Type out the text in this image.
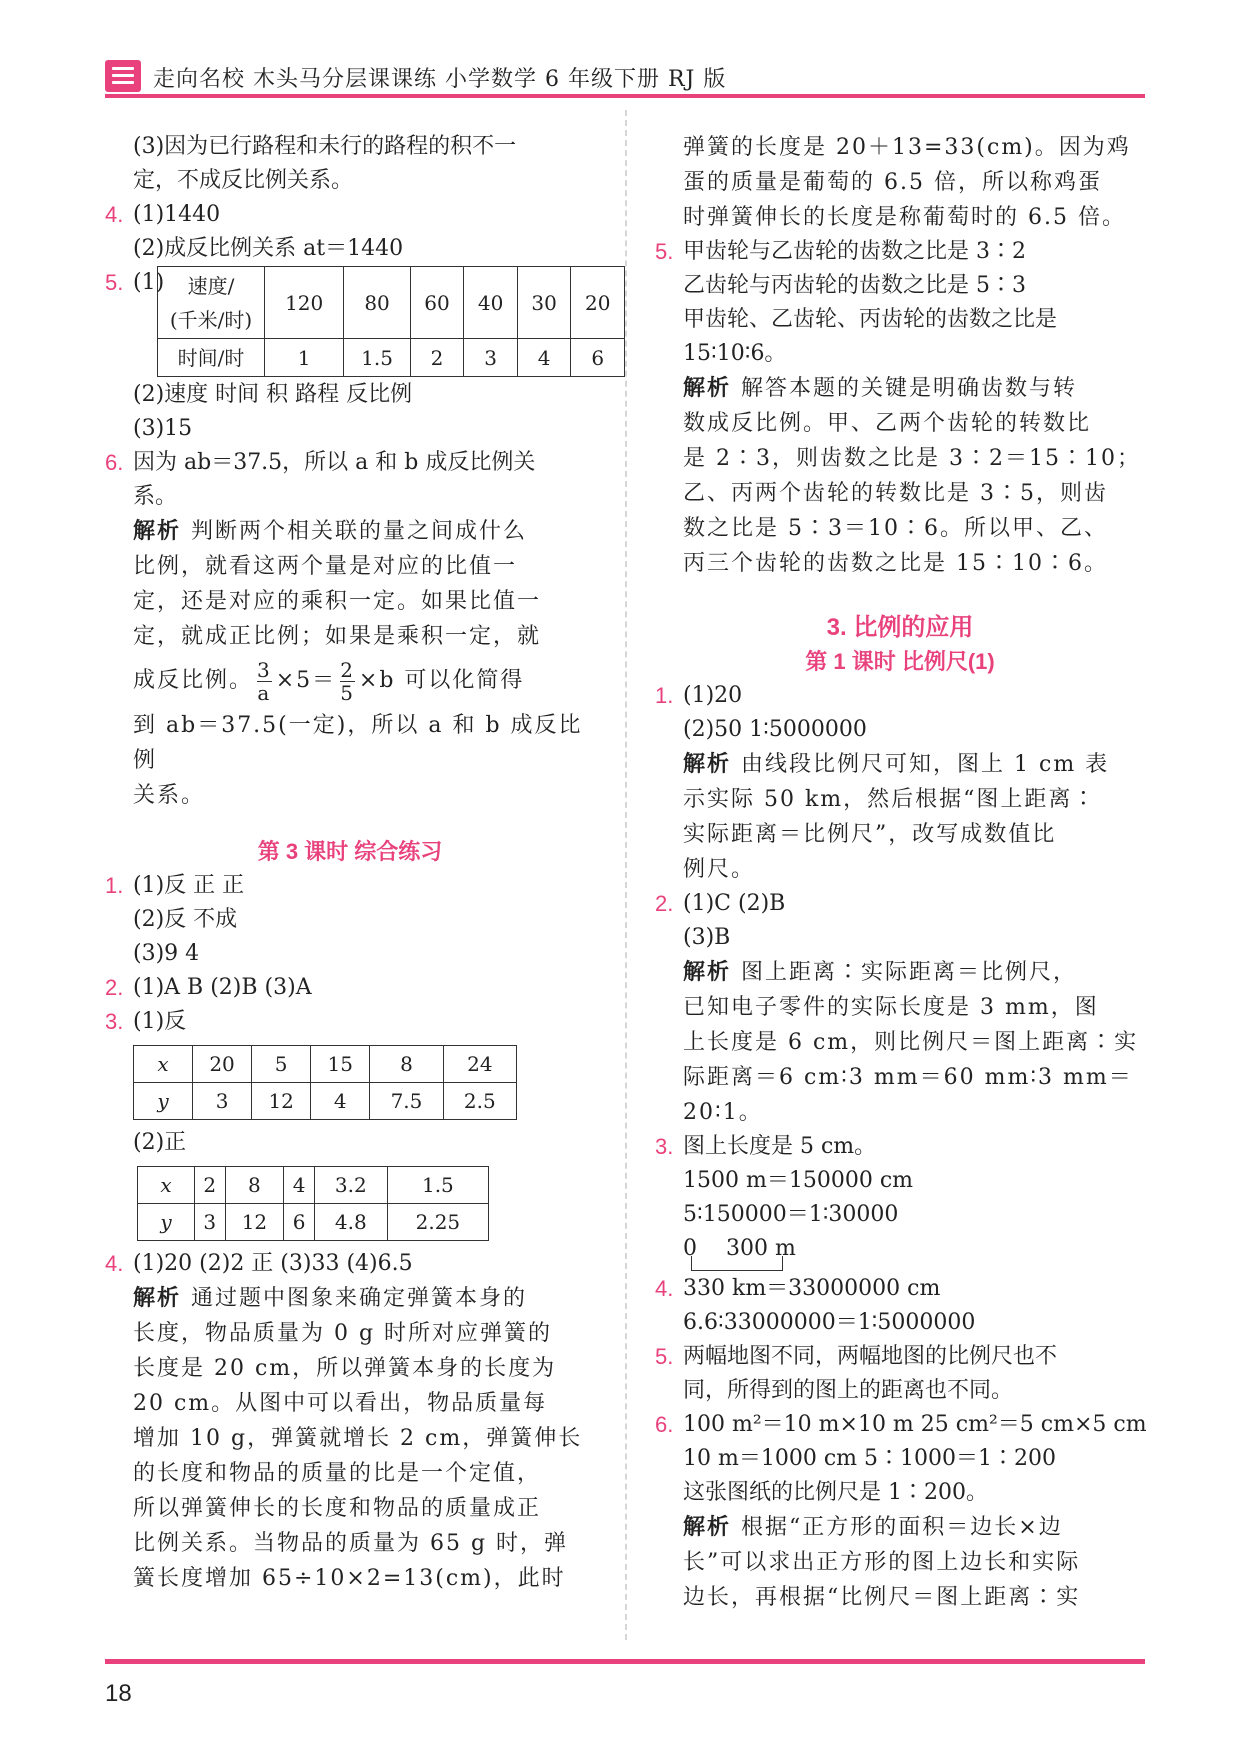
走向名校 木头马分层课课练 小学数学 6 年级下册 RJ 版
(3)因为已行路程和未行的路程的积不一
定，不成反比例关系。
4. (1)1440
(2)成反比例关系 at＝1440
5. (1)	速度/
(千米/时)	120	80	60	40	30	20
时间/时	1	1.5	2	3	4	6
(2)速度 时间 积 路程 反比例
(3)15
6. 因为 ab＝37.5，所以 a 和 b 成反比例关
系。
解析 判断两个相关联的量之间成什么
比例，就看这两个量是对应的比值一
定，还是对应的乘积一定。如果比值一
定，就成正比例；如果是乘积一定，就
成反比例。 $\frac{3}{a} \times 5= \frac{2}{5} \times b$ 可以化简得
到 ab＝37.5(一定)，所以 a 和 b 成反比例
关系。
第 3 课时 综合练习
1. (1)反 正 正
(2)反 不成
(3)9 4
2. (1)A B (2)B (3)A
3. (1)反
x	20	5	15	8	24
y	3	12	4	7.5	2.5
(2)正
x	2	8	4	3.2	1.5
y	3	12	6	4.8	2.25
4. (1)20 (2)2 正 (3)33 (4)6.5
解析 通过题中图象来确定弹簧本身的
长度，物品质量为 0 g 时所对应弹簧的
长度是 20 cm，所以弹簧本身的长度为
20 cm。从图中可以看出，物品质量每
增加 10 g，弹簧就增长 2 cm，弹簧伸长
的长度和物品的质量的比是一个定值，
所以弹簧伸长的长度和物品的质量成正
比例关系。当物品的质量为 65 g 时，弹
簧长度增加 65÷10×2=13(cm)，此时
弹簧的长度是 20＋13=33(cm)。因为鸡
蛋的质量是葡萄的 6.5 倍，所以称鸡蛋
时弹簧伸长的长度是称葡萄时的 6.5 倍。
5. 甲齿轮与乙齿轮的齿数之比是 3∶2
乙齿轮与丙齿轮的齿数之比是 5∶3
甲齿轮、乙齿轮、丙齿轮的齿数之比是
15∶10∶6。
解析 解答本题的关键是明确齿数与转
数成反比例。甲、乙两个齿轮的转数比
是 2∶3，则齿数之比是 3∶2＝15∶10；
乙、丙两个齿轮的转数比是 3∶5，则齿
数之比是 5∶3＝10∶6。所以甲、乙、
丙三个齿轮的齿数之比是 15∶10∶6。
3. 比例的应用
第 1 课时 比例尺(1)
1. (1)20
(2)50 1∶5000000
解析 由线段比例尺可知，图上 1 cm 表
示实际 50 km，然后根据“图上距离∶
实际距离＝比例尺”，改写成数值比
例尺。
2. (1)C (2)B
(3)B
解析 图上距离∶实际距离＝比例尺，
已知电子零件的实际长度是 3 mm，图
上长度是 6 cm，则比例尺＝图上距离∶实
际距离＝6 cm∶3 mm＝60 mm∶3 mm＝
20∶1。
3. 图上长度是 5 cm。
1500 m＝150000 cm
5∶150000＝1∶30000
0 300 m
4. 330 km＝33000000 cm
6.6∶33000000＝1∶5000000
5. 两幅地图不同，两幅地图的比例尺也不
同，所得到的图上的距离也不同。
6. 100 m²＝10 m×10 m 25 cm²＝5 cm×5 cm
10 m＝1000 cm 5∶1000＝1∶200
这张图纸的比例尺是 1∶200。
解析 根据“正方形的面积＝边长×边
长”可以求出正方形的图上边长和实际
边长，再根据“比例尺＝图上距离∶实
18
